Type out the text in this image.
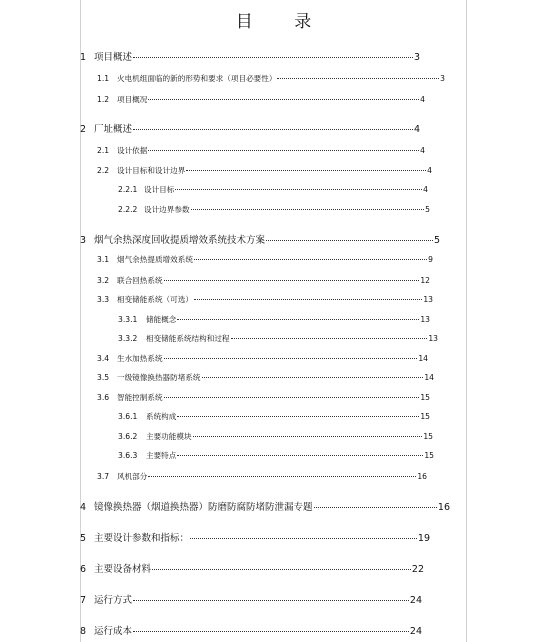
目 录
1 项目概述	3
1.1	火电机组面临的新的形势和要求（项目必要性）	3
1.2	项目概况	4
2 厂址概述	4
2.1	设计依据	4
2.2	设计目标和设计边界	4
2.2.1 设计目标	4
2.2.2 设计边界参数	5
3 烟气余热深度回收提质增效系统技术方案	5
3.1	烟气余热提质增效系统	9
3.2	联合回热系统	12
3.3	相变储能系统（可选）	13
3.3.1	储能概念	13
3.3.2	相变储能系统结构和过程	13
3.4	生水加热系统	14
3.5	一级镜像换热器防堵系统	14
3.6	智能控制系统	15
3.6.1	系统构成	15
3.6.2	主要功能模块	15
3.6.3	主要特点	15
3.7	风机部分	16
4 镜像换热器（烟道换热器）防磨防腐防堵防泄漏专题	16
5 主要设计参数和指标：	19
6 主要设备材料	22
7 运行方式	24
8 运行成本	24
